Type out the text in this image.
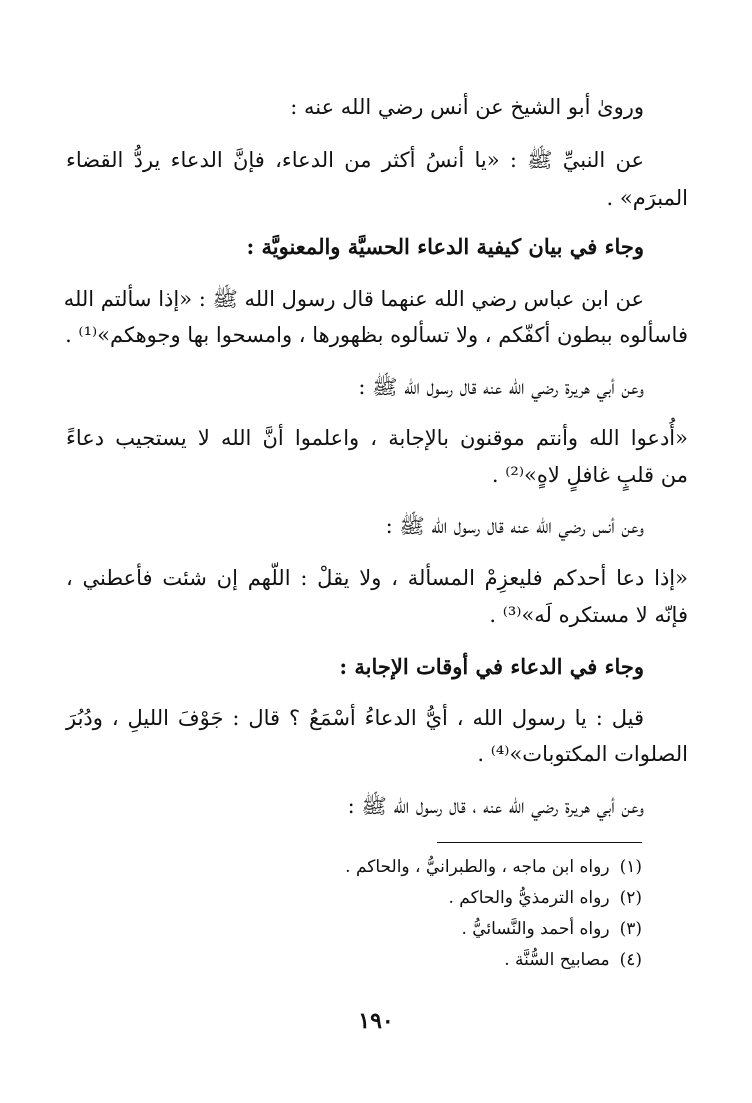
ورویٰ أبو الشيخ عن أنس رضي الله عنه :
عن النبيِّ ﷺ : «يا أنسُ أكثر من الدعاء، فإنَّ الدعاء يردُّ القضاء
المبرَم» .
وجاء في بيان كيفية الدعاء الحسيَّة والمعنويَّة :
عن ابن عباس رضي الله عنهما قال رسول الله ﷺ : «إذا سألتم الله
فاسألوه ببطون أكفّكم ، ولا تسألوه بظهورها ، وامسحوا بها وجوهكم»⁽¹⁾ .
وعن أبي هريرة رضي الله عنه قال رسول الله ﷺ :
«أُدعوا الله وأنتم موقنون بالإجابة ، واعلموا أنَّ الله لا يستجيب دعاءً
من قلبٍ غافلٍ لاهٍ»⁽²⁾ .
وعن أنس رضي الله عنه قال رسول الله ﷺ :
«إذا دعا أحدكم فليعزِمْ المسألة ، ولا يقلْ : اللّهم إن شئت فأعطني ،
فإنّه لا مستكره لَه»⁽³⁾ .
وجاء في الدعاء في أوقات الإجابة :
قيل : يا رسول الله ، أيُّ الدعاءُ أسْمَعُ ؟ قال : جَوْفَ الليلِ ، ودُبُرَ
الصلوات المكتوبات»⁽⁴⁾ .
وعن أبي هريرة رضي الله عنه ، قال رسول الله ﷺ :
(١)رواه ابن ماجه ، والطبرانيُّ ، والحاكم .
(٢)رواه الترمذيُّ والحاكم .
(٣)رواه أحمد والنَّسائيُّ .
(٤)مصابيح السُّنَّة .
١٩٠
